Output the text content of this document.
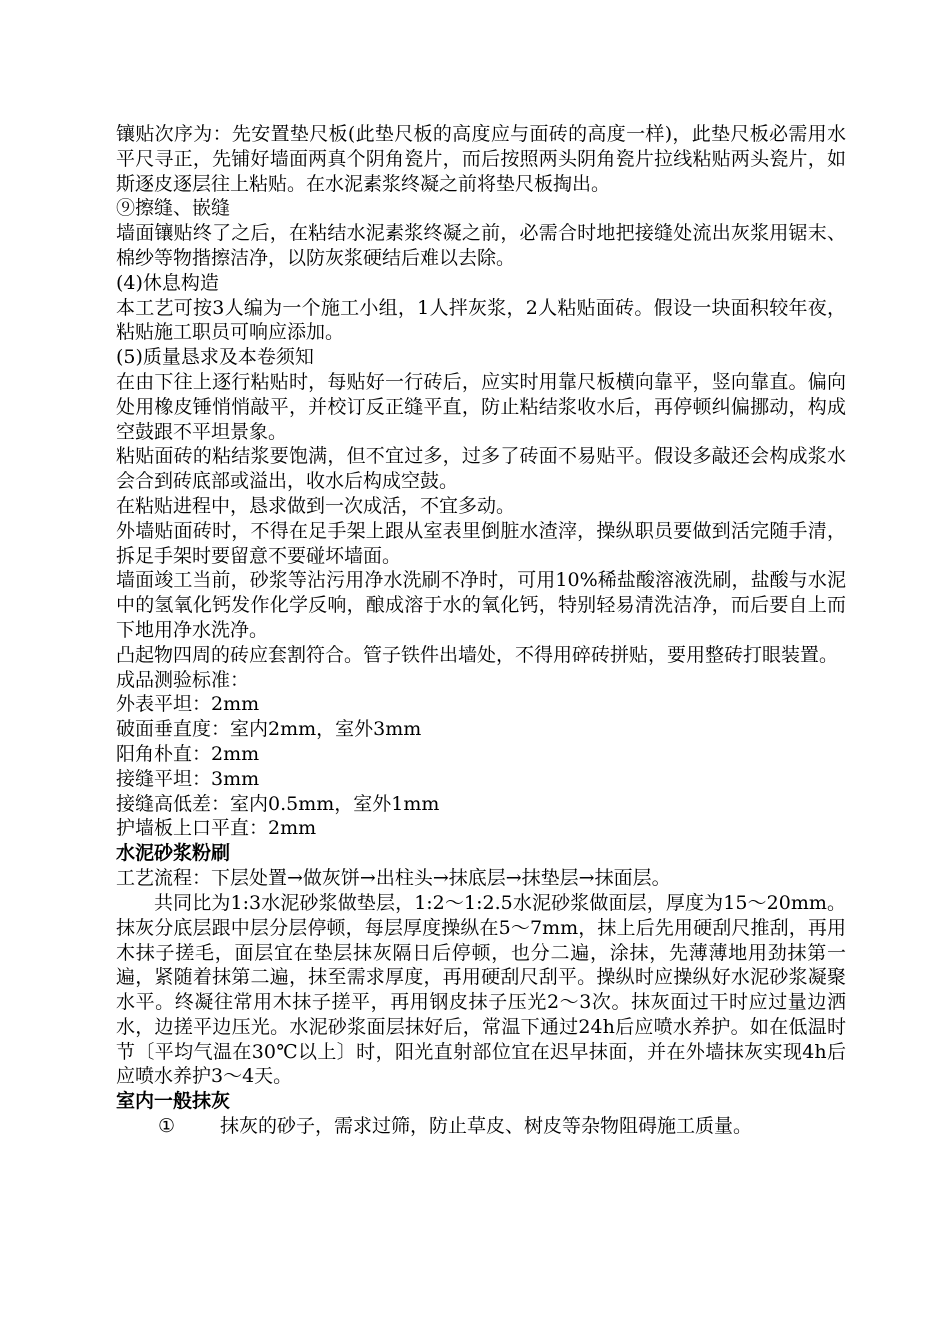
镶贴次序为：先安置垫尺板(此垫尺板的高度应与面砖的高度一样)，此垫尺板必需用水平尺寻正，先铺好墙面两真个阴角瓷片，而后按照两头阴角瓷片拉线粘贴两头瓷片，如斯逐皮逐层往上粘贴。在水泥素浆终凝之前将垫尺板掏出。

⑨擦缝、嵌缝

墙面镶贴终了之后，在粘结水泥素浆终凝之前，必需合时地把接缝处流出灰浆用锯末、棉纱等物揩擦洁净，以防灰浆硬结后难以去除。

(4)休息构造

本工艺可按3人编为一个施工小组，1人拌灰浆，2人粘贴面砖。假设一块面积较年夜，粘贴施工职员可响应添加。

(5)质量恳求及本卷须知

在由下往上逐行粘贴时，每贴好一行砖后，应实时用靠尺板横向靠平，竖向靠直。偏向处用橡皮锤悄悄敲平，并校订反正缝平直，防止粘结浆收水后，再停顿纠偏挪动，构成空鼓跟不平坦景象。

粘贴面砖的粘结浆要饱满，但不宜过多，过多了砖面不易贴平。假设多敲还会构成浆水会合到砖底部或溢出，收水后构成空鼓。

在粘贴进程中，恳求做到一次成活，不宜多动。

外墙贴面砖时，不得在足手架上跟从室表里倒脏水渣滓，操纵职员要做到活完随手清，拆足手架时要留意不要碰坏墙面。

墙面竣工当前，砂浆等沾污用净水洗刷不净时，可用10%稀盐酸溶液洗刷，盐酸与水泥中的氢氧化钙发作化学反响，酿成溶于水的氧化钙，特别轻易清洗洁净，而后要自上而下地用净水洗净。

凸起物四周的砖应套割符合。管子铁件出墙处，不得用碎砖拼贴，要用整砖打眼装置。

成品测验标准：

外表平坦：2mm

破面垂直度：室内2mm，室外3mm

阳角朴直：2mm

接缝平坦：3mm

接缝高低差：室内0.5mm，室外1mm

护墙板上口平直：2mm

水泥砂浆粉刷

工艺流程：下层处置→做灰饼→出柱头→抹底层→抹垫层→抹面层。

共同比为1:3水泥砂浆做垫层，1:2～1:2.5水泥砂浆做面层，厚度为15～20mm。抹灰分底层跟中层分层停顿，每层厚度操纵在5～7mm，抹上后先用硬刮尺推刮，再用木抹子搓毛，面层宜在垫层抹灰隔日后停顿，也分二遍，涂抹，先薄薄地用劲抹第一遍，紧随着抹第二遍，抹至需求厚度，再用硬刮尺刮平。操纵时应操纵好水泥砂浆凝聚水平。终凝往常用木抹子搓平，再用钢皮抹子压光2～3次。抹灰面过干时应过量边洒水，边搓平边压光。水泥砂浆面层抹好后，常温下通过24h后应喷水养护。如在低温时节〔平均气温在30℃以上〕时，阳光直射部位宜在迟早抹面，并在外墙抹灰实现4h后应喷水养护3～4天。

室内一般抹灰

① 抹灰的砂子，需求过筛，防止草皮、树皮等杂物阻碍施工质量。
